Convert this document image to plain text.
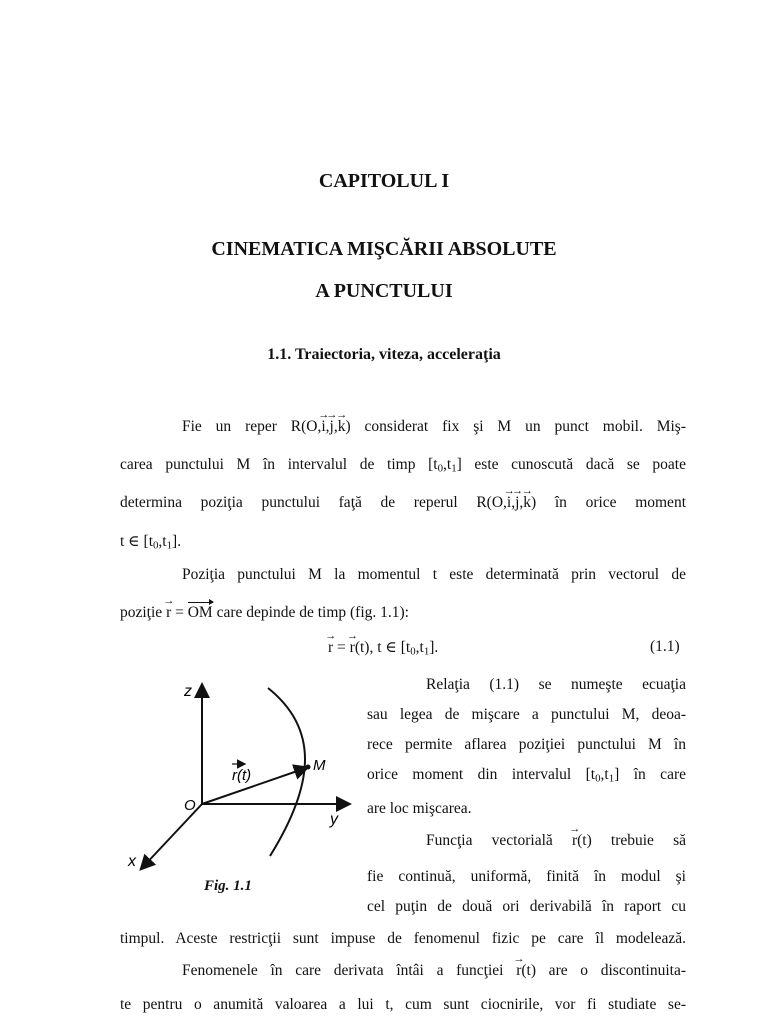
CAPITOLUL I
CINEMATICA MIŞCĂRII ABSOLUTE
A PUNCTULUI
1.1. Traiectoria, viteza, acceleraţia
Fie un reper R(O,→ i,→ j,→ k) considerat fix şi M un punct mobil. Miş-
carea punctului M în intervalul de timp $[t_0,t_1]$ este cunoscută dacă se poate
determina poziţia punctului faţă de reperul R(O,→ i,→ j,→ k) în orice moment
t ∈ $[t_0,t_1]$.
Poziţia punctului M la momentul t este determinată prin vectorul de
poziţie → r = OM care depinde de timp (fig. 1.1):
→ r = → r(t), t ∈ $[t_0,t_1]$.	(1.1)
z
y
x
O
M
r(t)
Fig. 1.1
Relaţia (1.1) se numeşte ecuaţia
sau legea de mişcare a punctului M, deoa-
rece permite aflarea poziţiei punctului M în
orice moment din intervalul $[t_0,t_1]$ în care
are loc mişcarea.
Funcţia vectorială → r(t) trebuie să
fie continuă, uniformă, finită în modul şi
cel puţin de două ori derivabilă în raport cu
timpul. Aceste restricţii sunt impuse de fenomenul fizic pe care îl modelează.
Fenomenele în care derivata întâi a funcţiei → r(t) are o discontinuita-
te pentru o anumită valoarea a lui t, cum sunt ciocnirile, vor fi studiate se-
